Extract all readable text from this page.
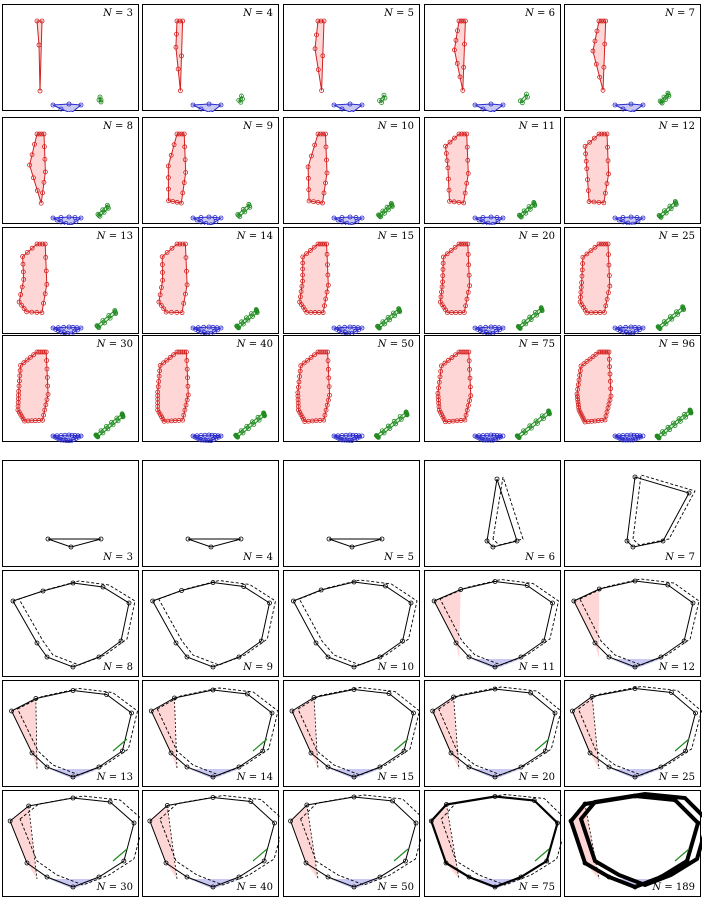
N = 3	N = 4	N = 5	N = 6	N = 7
N = 8	N = 9	N = 10	N = 11	N = 12
N = 13	N = 14	N = 15	N = 20	N = 25
N = 30	N = 40	N = 50	N = 75	N = 96
N = 3	N = 4	N = 5	N = 6	N = 7
N = 8	N = 9	N = 10	N = 11	N = 12
N = 13	N = 14	N = 15	N = 20	N = 25
N = 30	N = 40	N = 50	N = 75	N = 189
